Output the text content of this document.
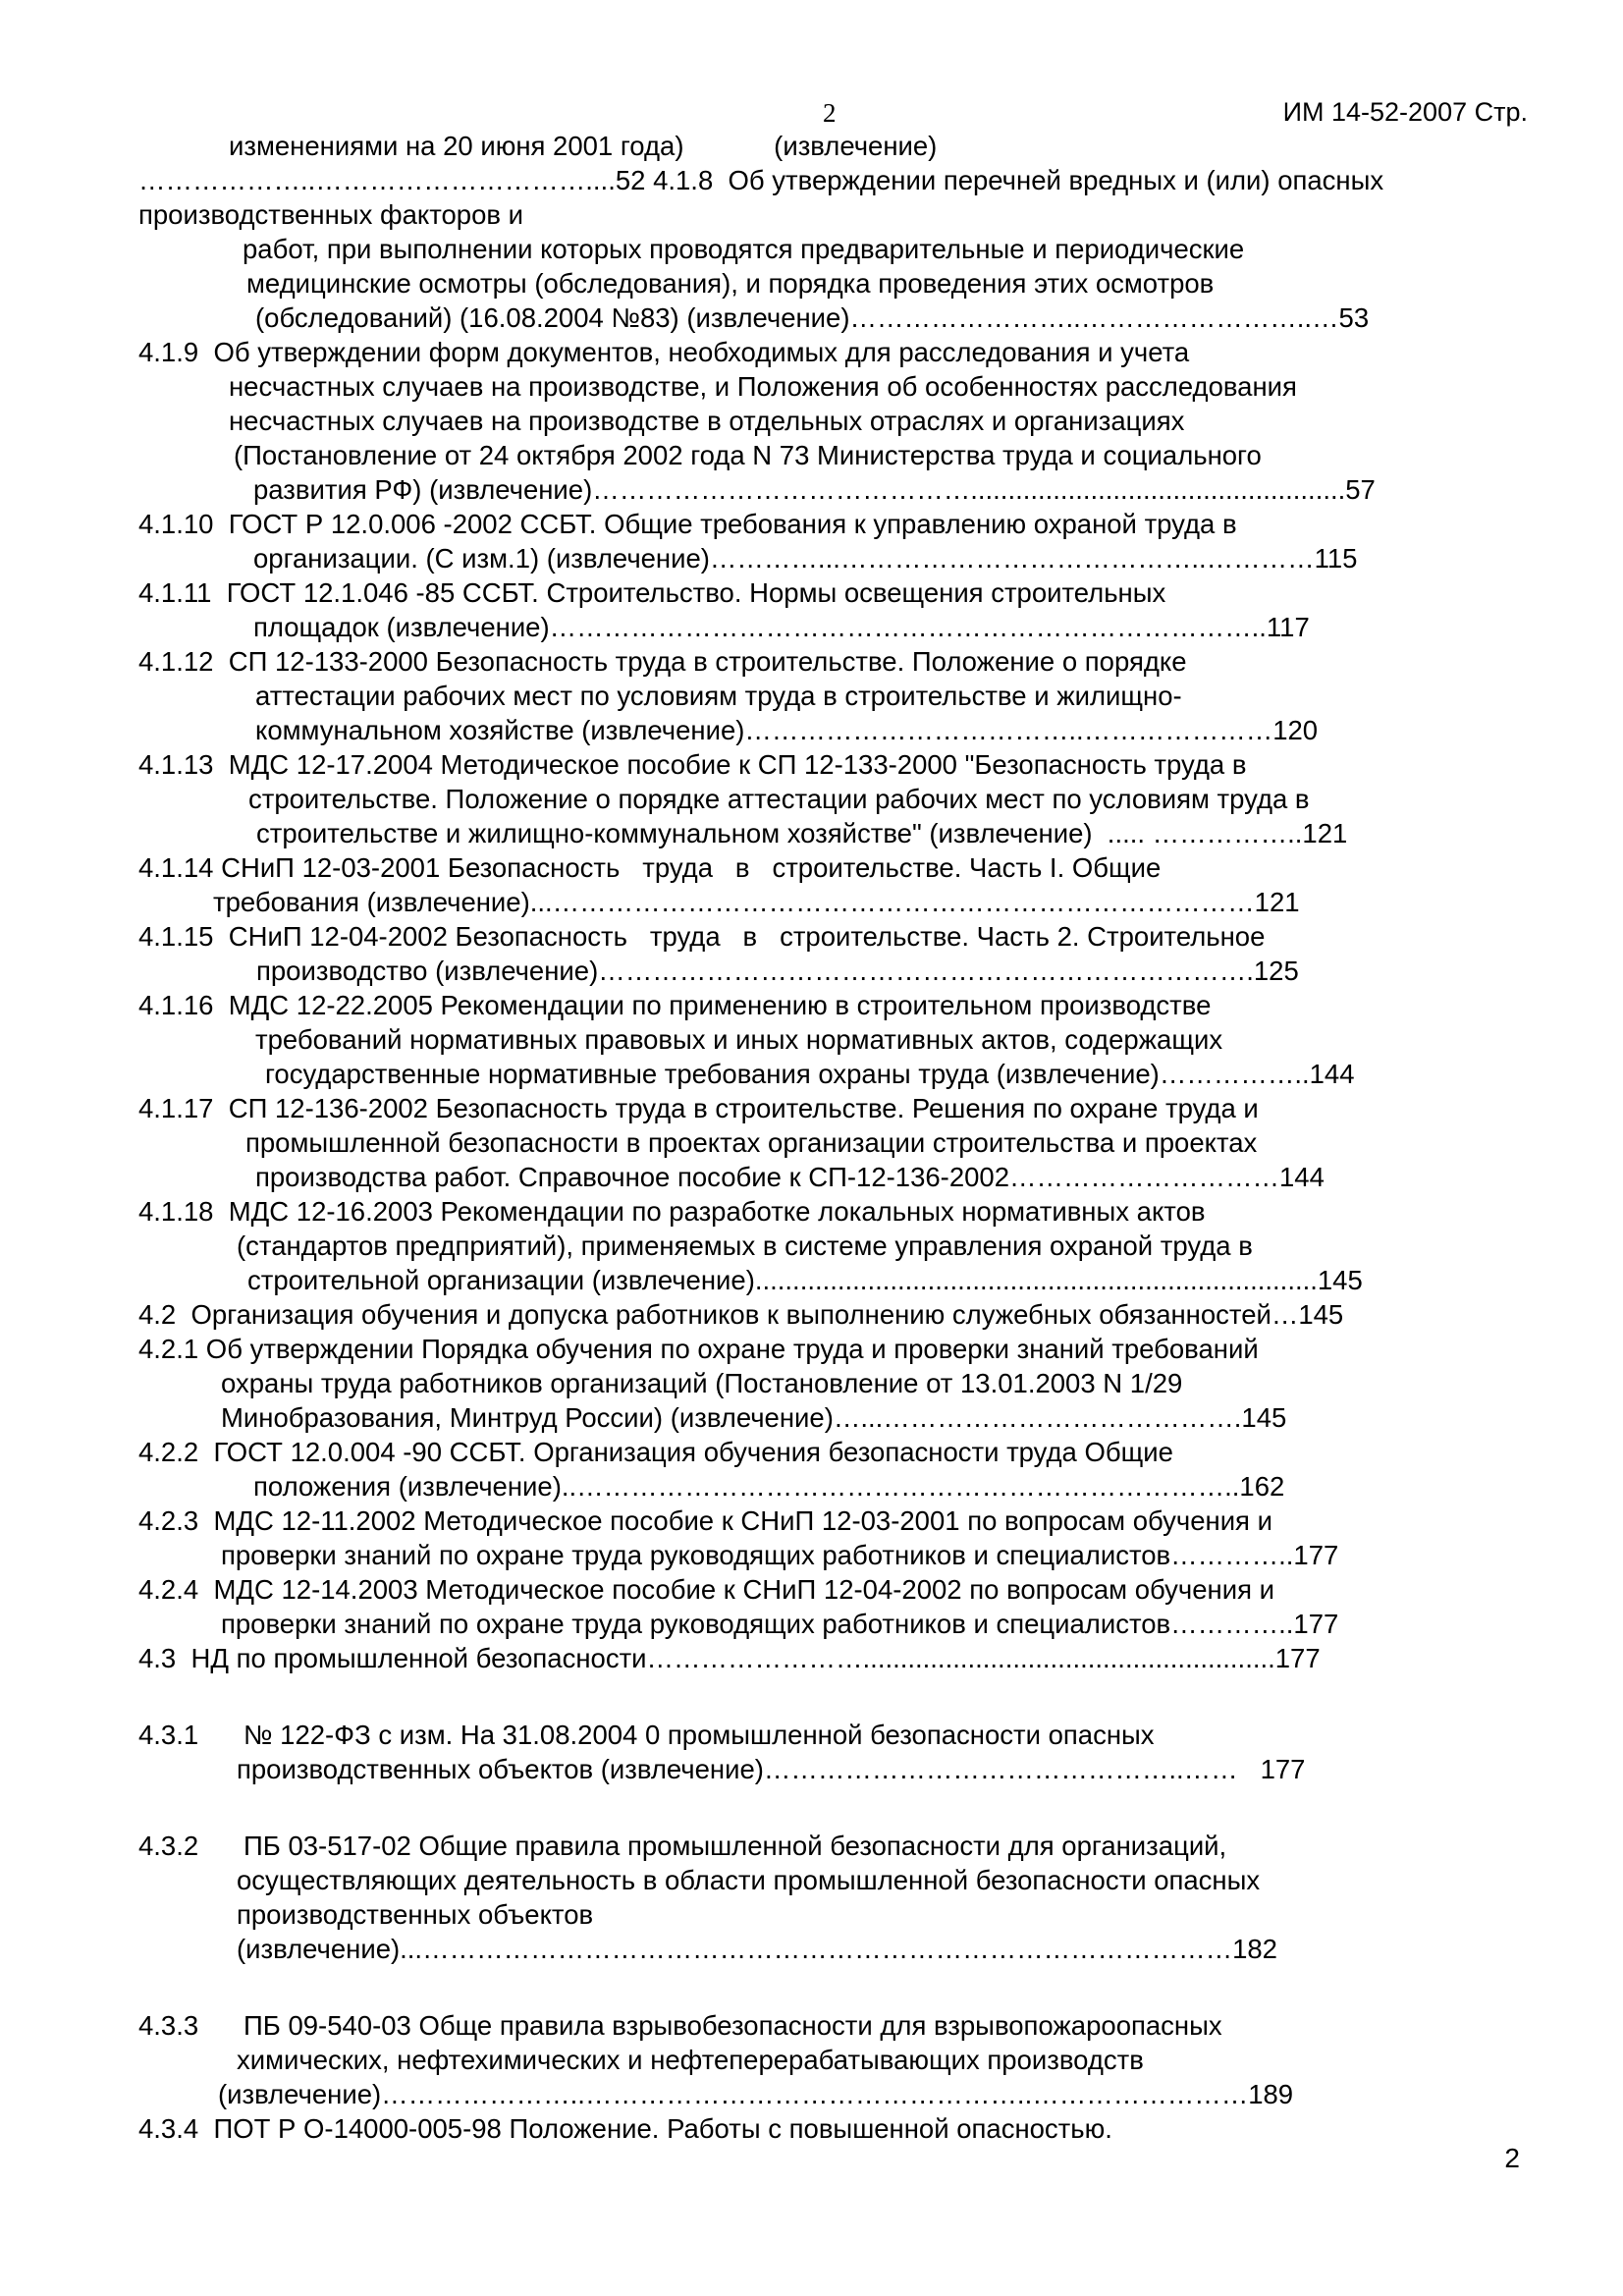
2	ИМ 14-52-2007 Стр.
изменениями на 20 июня 2001 года)            (извлечение)
………………..…………………………....52 4.1.8  Об утверждении перечней вредных и (или) опасных
производственных факторов и
работ, при выполнении которых проводятся предварительные и периодические
медицинские осмотры (обследования), и порядка проведения этих осмотров
(обследований) (16.08.2004 №83) (извлечение)……………………..……………………..…53
4.1.9  Об утверждении форм документов, необходимых для расследования и учета
несчастных случаев на производстве, и Положения об особенностях расследования
несчастных случаев на производстве в отдельных отраслях и организациях
(Постановление от 24 октября 2002 года N 73 Министерства труда и социального
развития РФ) (извлечение)……………………………………..................................................57
4.1.10  ГОСТ Р 12.0.006 -2002 ССБТ. Общие требования к управлению охраной труда в
организации. (С изм.1) (извлечение)…………...…………………………………..…………115
4.1.11  ГОСТ 12.1.046 -85 ССБТ. Строительство. Нормы освещения строительных
площадок (извлечение)……………………………………………………………………..117
4.1.12  СП 12-133-2000 Безопасность труда в строительстве. Положение о порядке
аттестации рабочих мест по условиям труда в строительстве и жилищно-
коммунальном хозяйстве (извлечение)………………………………..…………………120
4.1.13  МДС 12-17.2004 Методическое пособие к СП 12-133-2000 "Безопасность труда в
строительстве. Положение о порядке аттестации рабочих мест по условиям труда в
строительстве и жилищно-коммунальном хозяйстве" (извлечение)  ..... ……………..121
4.1.14 СНиП 12-03-2001 Безопасность   труда   в   строительстве. Часть I. Общие
требования (извлечение)...……………………………………………………………………121
4.1.15  СНиП 12-04-2002 Безопасность   труда   в   строительстве. Часть 2. Строительное
производство (извлечение)……………………………………………………………….125
4.1.16  МДС 12-22.2005 Рекомендации по применению в строительном производстве
требований нормативных правовых и иных нормативных актов, содержащих
государственные нормативные требования охраны труда (извлечение)……………..144
4.1.17  СП 12-136-2002 Безопасность труда в строительстве. Решения по охране труда и
промышленной безопасности в проектах организации строительства и проектах
производства работ. Справочное пособие к СП-12-136-2002…………………………144
4.1.18  МДС 12-16.2003 Рекомендации по разработке локальных нормативных актов
(стандартов предприятий), применяемых в системе управления охраной труда в
строительной организации (извлечение)...........................................................................145
4.2  Организация обучения и допуска работников к выполнению служебных обязанностей…145
4.2.1 Об утверждении Порядка обучения по охране труда и проверки знаний требований
охраны труда работников организаций (Постановление от 13.01.2003 N 1/29
Минобразования, Минтруд России) (извлечение)…...………………………………….145
4.2.2  ГОСТ 12.0.004 -90 ССБТ. Организация обучения безопасности труда Общие
положения (извлечение)..………………………………………………………………..162
4.2.3  МДС 12-11.2002 Методическое пособие к СНиП 12-03-2001 по вопросам обучения и
проверки знаний по охране труда руководящих работников и специалистов…………..177
4.2.4  МДС 12-14.2003 Методическое пособие к СНиП 12-04-2002 по вопросам обучения и
проверки знаний по охране труда руководящих работников и специалистов…………..177
4.3  НД по промышленной безопасности…………………….......................................................177
4.3.1      № 122-ФЗ с изм. На 31.08.2004 0 промышленной безопасности опасных
производственных объектов (извлечение)………………………………………..……   177
4.3.2      ПБ 03-517-02 Общие правила промышленной безопасности для организаций,
осуществляющих деятельность в области промышленной безопасности опасных
производственных объектов
(извлечение)...………………………………………………………………………………182
4.3.3      ПБ 09-540-03 Обще правила взрывобезопасности для взрывопожароопасных
химических, нефтехимических и нефтеперерабатывающих производств
(извлечение)…………………..…………………………………………..……………………189
4.3.4  ПОТ Р О-14000-005-98 Положение. Работы с повышенной опасностью.
2
